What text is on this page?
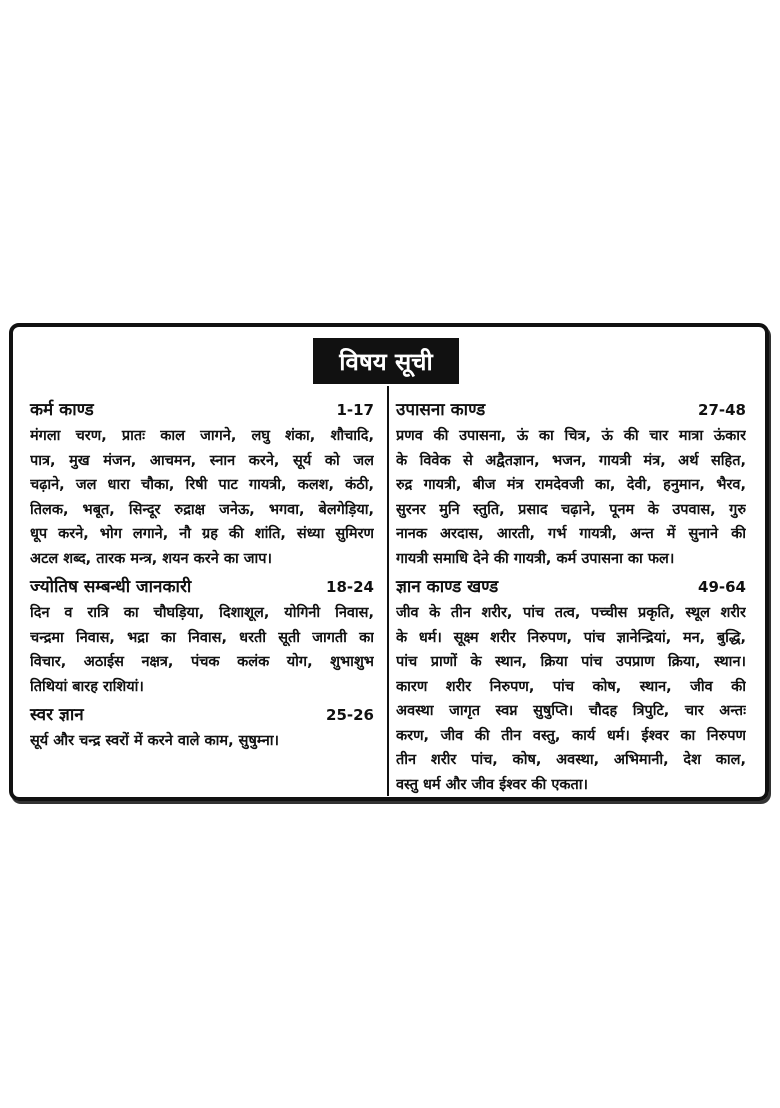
विषय सूची
कर्म काण्ड	1-17
मंगला चरण, प्रातः काल जागने, लघु शंका, शौचादि,
पात्र, मुख मंजन, आचमन, स्नान करने, सूर्य को जल
चढ़ाने, जल धारा चौका, रिषी पाट गायत्री, कलश, कंठी,
तिलक, भबूत, सिन्दूर रुद्राक्ष जनेऊ, भगवा, बेलगेड़िया,
धूप करने, भोग लगाने, नौ ग्रह की शांति, संध्या सुमिरण
अटल शब्द, तारक मन्त्र, शयन करने का जाप।
ज्योतिष सम्बन्धी जानकारी	18-24
दिन व रात्रि का चौघड़िया, दिशाशूल, योगिनी निवास,
चन्द्रमा निवास, भद्रा का निवास, धरती सूती जागती का
विचार, अठाईस नक्षत्र, पंचक कलंक योग, शुभाशुभ
तिथियां बारह राशियां।
स्वर ज्ञान	25-26
सूर्य और चन्द्र स्वरों में करने वाले काम, सुषुम्ना।
उपासना काण्ड	27-48
प्रणव की उपासना, ऊं का चित्र, ऊं की चार मात्रा ऊंकार
के विवेक से अद्वैतज्ञान, भजन, गायत्री मंत्र, अर्थ सहित,
रुद्र गायत्री, बीज मंत्र रामदेवजी का, देवी, हनुमान, भैरव,
सुरनर मुनि स्तुति, प्रसाद चढ़ाने, पूनम के उपवास, गुरु
नानक अरदास, आरती, गर्भ गायत्री, अन्त में सुनाने की
गायत्री समाधि देने की गायत्री, कर्म उपासना का फल।
ज्ञान काण्ड खण्ड	49-64
जीव के तीन शरीर, पांच तत्व, पच्चीस प्रकृति, स्थूल शरीर
के धर्म। सूक्ष्म शरीर निरुपण, पांच ज्ञानेन्द्रियां, मन, बुद्धि,
पांच प्राणों के स्थान, क्रिया पांच उपप्राण क्रिया, स्थान।
कारण शरीर निरुपण, पांच कोष, स्थान, जीव की
अवस्था जागृत स्वप्न सुषुप्ति। चौदह त्रिपुटि, चार अन्तः
करण, जीव की तीन वस्तु, कार्य धर्म। ईश्वर का निरुपण
तीन शरीर पांच, कोष, अवस्था, अभिमानी, देश काल,
वस्तु धर्म और जीव ईश्वर की एकता।
